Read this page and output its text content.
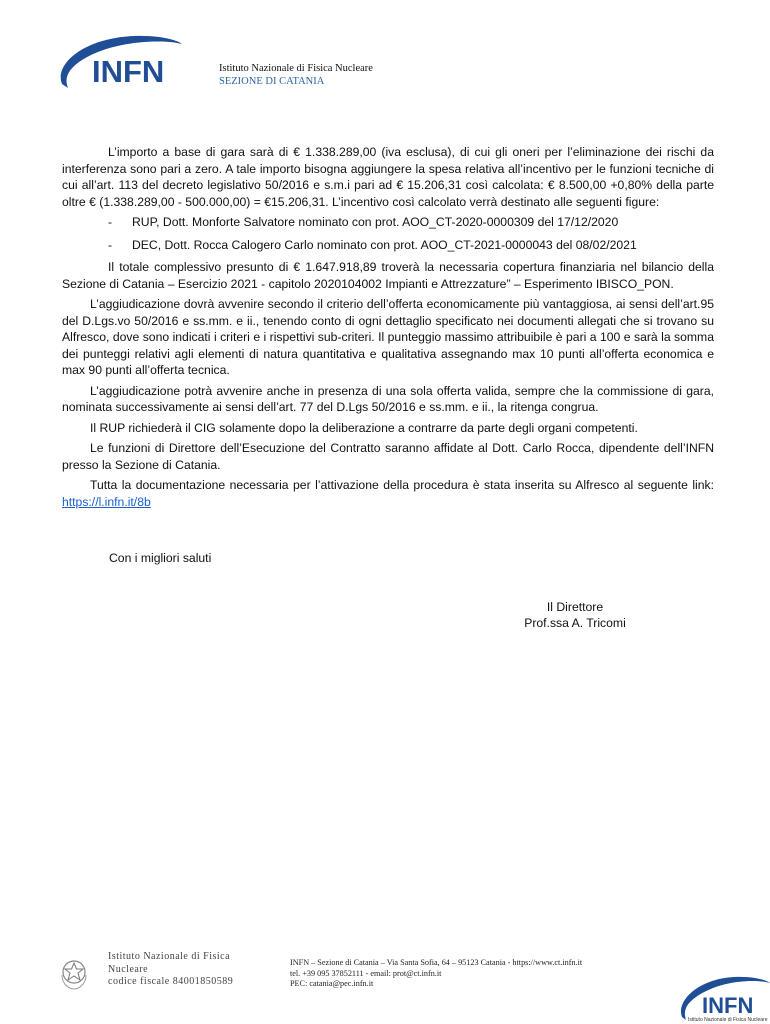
INFN	Istituto Nazionale di Fisica Nucleare
SEZIONE DI CATANIA

L’importo a base di gara sarà di € 1.338.289,00 (iva esclusa), di cui gli oneri per l’eliminazione dei rischi da interferenza sono pari a zero. A tale importo bisogna aggiungere la spesa relativa all’incentivo per le funzioni tecniche di cui all’art. 113 del decreto legislativo 50/2016 e s.m.i pari ad € 15.206,31 così calcolata: € 8.500,00 +0,80% della parte oltre € (1.338.289,00 - 500.000,00) = €15.206,31. L’incentivo così calcolato verrà destinato alle seguenti figure:

- RUP, Dott. Monforte Salvatore nominato con prot. AOO_CT-2020-0000309 del 17/12/2020
- DEC, Dott. Rocca Calogero Carlo nominato con prot. AOO_CT-2021-0000043 del 08/02/2021

Il totale complessivo presunto di € 1.647.918,89 troverà la necessaria copertura finanziaria nel bilancio della Sezione di Catania – Esercizio 2021 - capitolo 2020104002 Impianti e Attrezzature” – Esperimento IBISCO_PON.

L’aggiudicazione dovrà avvenire secondo il criterio dell’offerta economicamente più vantaggiosa, ai sensi dell’art.95 del D.Lgs.vo 50/2016 e ss.mm. e ii., tenendo conto di ogni dettaglio specificato nei documenti allegati che si trovano su Alfresco, dove sono indicati i criteri e i rispettivi sub-criteri. Il punteggio massimo attribuibile è pari a 100 e sarà la somma dei punteggi relativi agli elementi di natura quantitativa e qualitativa assegnando max 10 punti all’offerta economica e max 90 punti all’offerta tecnica.

L’aggiudicazione potrà avvenire anche in presenza di una sola offerta valida, sempre che la commissione di gara, nominata successivamente ai sensi dell’art. 77 del D.Lgs 50/2016 e ss.mm. e ii., la ritenga congrua.

Il RUP richiederà il CIG solamente dopo la deliberazione a contrarre da parte degli organi competenti.

Le funzioni di Direttore dell’Esecuzione del Contratto saranno affidate al Dott. Carlo Rocca, dipendente dell’INFN presso la Sezione di Catania.

Tutta la documentazione necessaria per l’attivazione della procedura è stata inserita su Alfresco al seguente link: https://l.infn.it/8b

Con i migliori saluti
Il Direttore
Prof.ssa A. Tricomi
Istituto Nazionale di Fisica
Nucleare
codice fiscale 84001850589
INFN – Sezione di Catania – Via Santa Sofia, 64 – 95123 Catania - https://www.ct.infn.it
tel. +39 095 37852111 - email: prot@ct.infn.it
PEC: catania@pec.infn.it
INFN
Istituto Nazionale di Fisica Nucleare
